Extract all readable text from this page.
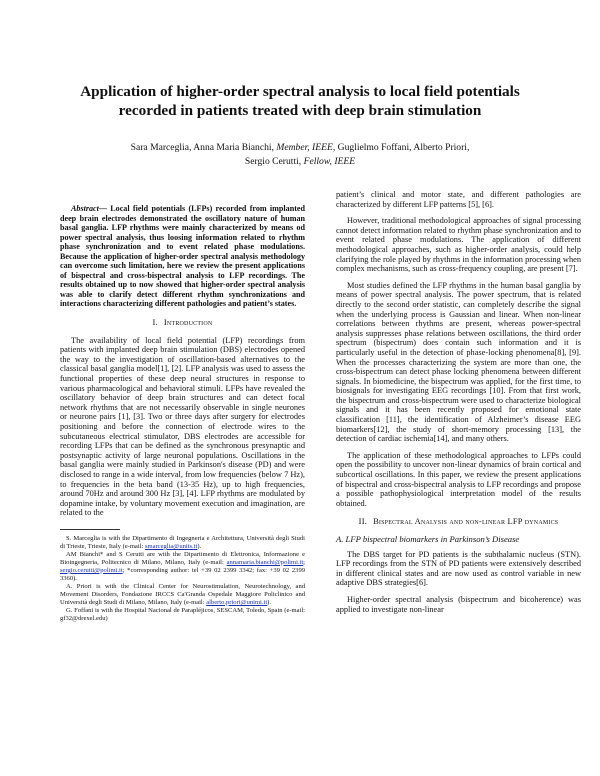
Application of higher-order spectral analysis to local field potentials
recorded in patients treated with deep brain stimulation
Sara Marceglia, Anna Maria Bianchi, Member, IEEE, Guglielmo Foffani, Alberto Priori,
Sergio Cerutti, Fellow, IEEE

Abstract— Local field potentials (LFPs) recorded from implanted deep brain electrodes demonstrated the oscillatory nature of human basal ganglia. LFP rhythms were mainly characterized by means od power spectral analysis, thus loosing information related to rhythm phase synchronization and to event related phase modulations. Because the application of higher-order spectral analysis methodology can overcome such limitation, here we review the present applications of bispectral and cross-bispectral analysis to LFP recordings. The results obtained up to now showed that higher-order spectral analysis was able to clarify detect different rhythm synchronizations and interactions characterizing different pathologies and patient’s states.

I. Introduction

The availability of local field potential (LFP) recordings from patients with implanted deep brain stimulation (DBS) electrodes opened the way to the investigation of oscillation-based alternatives to the classical basal ganglia model[1], [2]. LFP analysis was used to assess the functional properties of these deep neural structures in response to various pharmacological and behavioral stimuli. LFPs have revealed the oscillatory behavior of deep brain structures and can detect focal network rhythms that are not necessarily observable in single neurones or neurone pairs [1], [3]. Two or three days after surgery for electrodes positioning and before the connection of electrode wires to the subcutaneous electrical stimulator, DBS electrodes are accessible for recording LFPs that can be defined as the synchronous presynaptic and postsynaptic activity of large neuronal populations. Oscillations in the basal ganglia were mainly studied in Parkinson's disease (PD) and were disclosed to range in a wide interval, from low frequencies (below 7 Hz), to frequencies in the beta band (13-35 Hz), up to high frequencies, around 70Hz and around 300 Hz [3], [4]. LFP rhythms are modulated by dopamine intake, by voluntary movement execution and imagination, are related to the

S. Marceglia is with the Dipartimento di Ingegneria e Architettura, Università degli Studi di Trieste, Trieste, Italy (e-mail: smarceglia@units.it).

AM Bianchi* and S Cerutti are with the Dipartimento di Elettronica, Informazione e Bioingegneria, Politecnico di Milano, Milano, Italy (e-mail: annamaria.bianchi@polimi.it; sergio.cerutti@polimi.it; *corresponding author: tel +39 02 2399 3342; fax: +39 02 2399 3360).

A. Priori is with the Clinical Center for Neurostimulation, Neurotechnology, and Movement Disorders, Fondazione IRCCS Ca'Granda Ospedale Maggiore Policlinico and Università degli Studi di Milano, Milano, Italy (e-mail: alberto.priori@unimi.it).

G. Foffani is with the Hospital Nacional de Parapléjicos, SESCAM, Toledo, Spain (e-mail: gf32@drexel.edu)

patient’s clinical and motor state, and different pathologies are characterized by different LFP patterns [5], [6].

However, traditional methodological approaches of signal processing cannot detect information related to rhythm phase synchronization and to event related phase modulations. The application of different methodological approaches, such as higher-order analysis, could help clarifying the role played by rhythms in the information processing when complex mechanisms, such as cross-frequency coupling, are present [7].

Most studies defined the LFP rhythms in the human basal ganglia by means of power spectral analysis. The power spectrum, that is related directly to the second order statistic, can completely describe the signal when the underlying process is Gaussian and linear. When non-linear correlations between rhythms are present, whereas power-spectral analysis suppresses phase relations between oscillations, the third order spectrum (bispectrum) does contain such information and it is particularly useful in the detection of phase-locking phenomena[8], [9]. When the processes characterizing the system are more than one, the cross-bispectrum can detect phase locking phenomena between different signals. In biomedicine, the bispectrum was applied, for the first time, to biosignals for investigating EEG recordings [10]. From that first work, the bispectrum and cross-bispectrum were used to characterize biological signals and it has been recently proposed for emotional state classification [11], the identification of Alzheimer’s disease EEG biomarkers[12], the study of short-memory processing [13], the detection of cardiac ischemia[14], and many others.

The application of these methodological approaches to LFPs could open the possibility to uncover non-linear dynamics of brain cortical and subcortical oscillations. In this paper, we review the present applications of bispectral and cross-bispectral analysis to LFP recordings and propose a possible pathophysiological interpretation model of the results obtained.

II. Bispectral Analysis and non-linear LFP dynamics

A. LFP bispectral biomarkers in Parkinson’s Disease

The DBS target for PD patients is the subthalamic nucleus (STN). LFP recordings from the STN of PD patients were extensively described in different clinical states and are now used as control variable in new adaptive DBS strategies[6].

Higher-order spectral analysis (bispectrum and bicoherence) was applied to investigate non-linear
